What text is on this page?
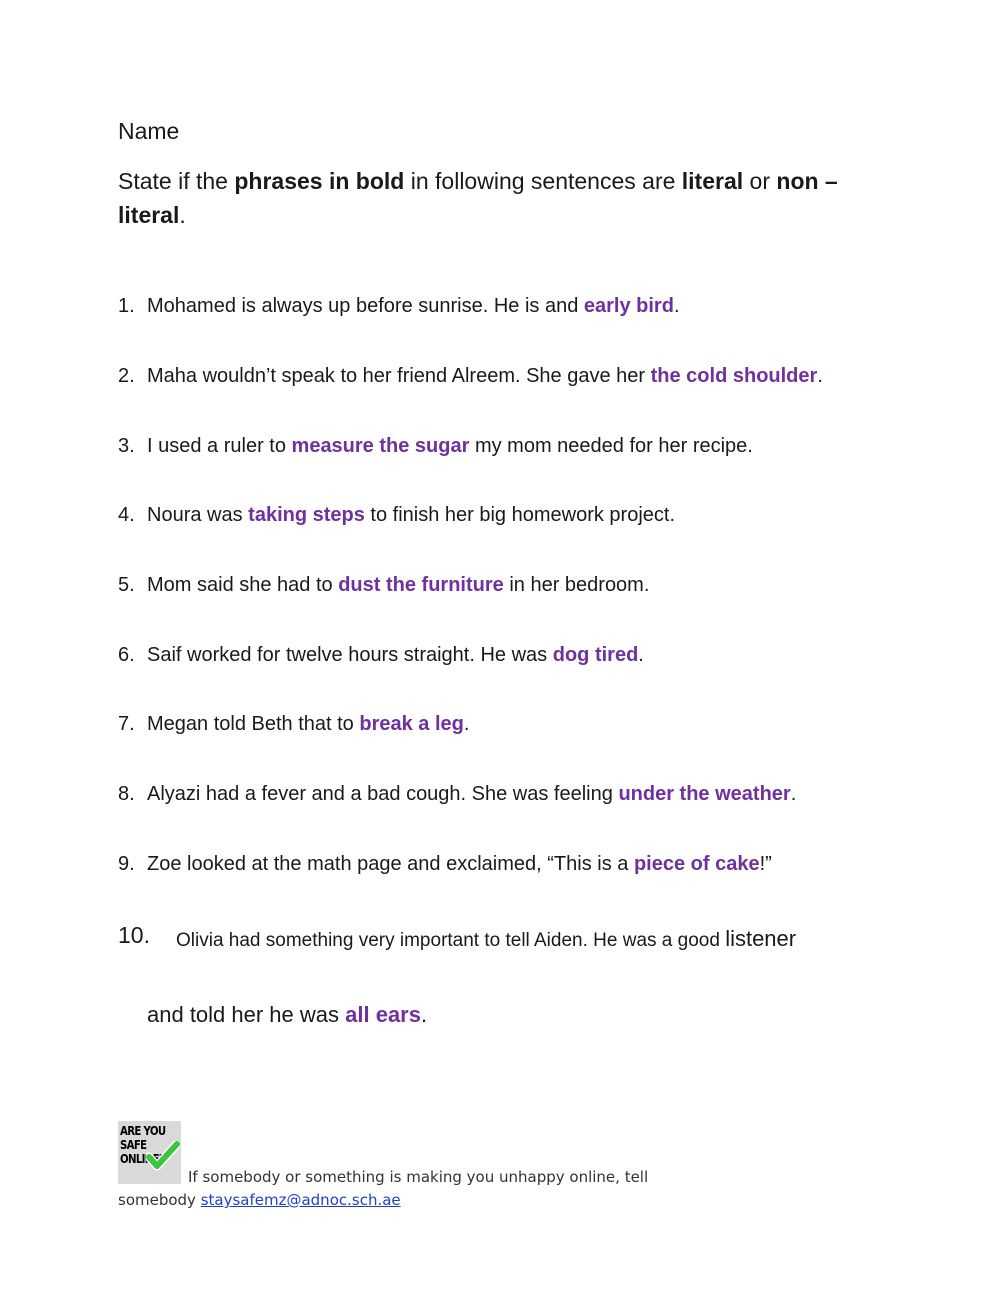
Name
State if the phrases in bold in following sentences are literal or non –
literal.
1. Mohamed is always up before sunrise. He is and early bird.
2. Maha wouldn’t speak to her friend Alreem. She gave her the cold shoulder.
3. I used a ruler to measure the sugar my mom needed for her recipe.
4. Noura was taking steps to finish her big homework project.
5. Mom said she had to dust the furniture in her bedroom.
6. Saif worked for twelve hours straight. He was dog tired.
7. Megan told Beth that to break a leg.
8. Alyazi had a fever and a bad cough. She was feeling under the weather.
9. Zoe looked at the math page and exclaimed, “This is a piece of cake!”
10. Olivia had something very important to tell Aiden. He was a good listener
and told her he was all ears.
ARE YOU
SAFE
ONLINE?
If somebody or something is making you unhappy online, tell
somebody staysafemz@adnoc.sch.ae
